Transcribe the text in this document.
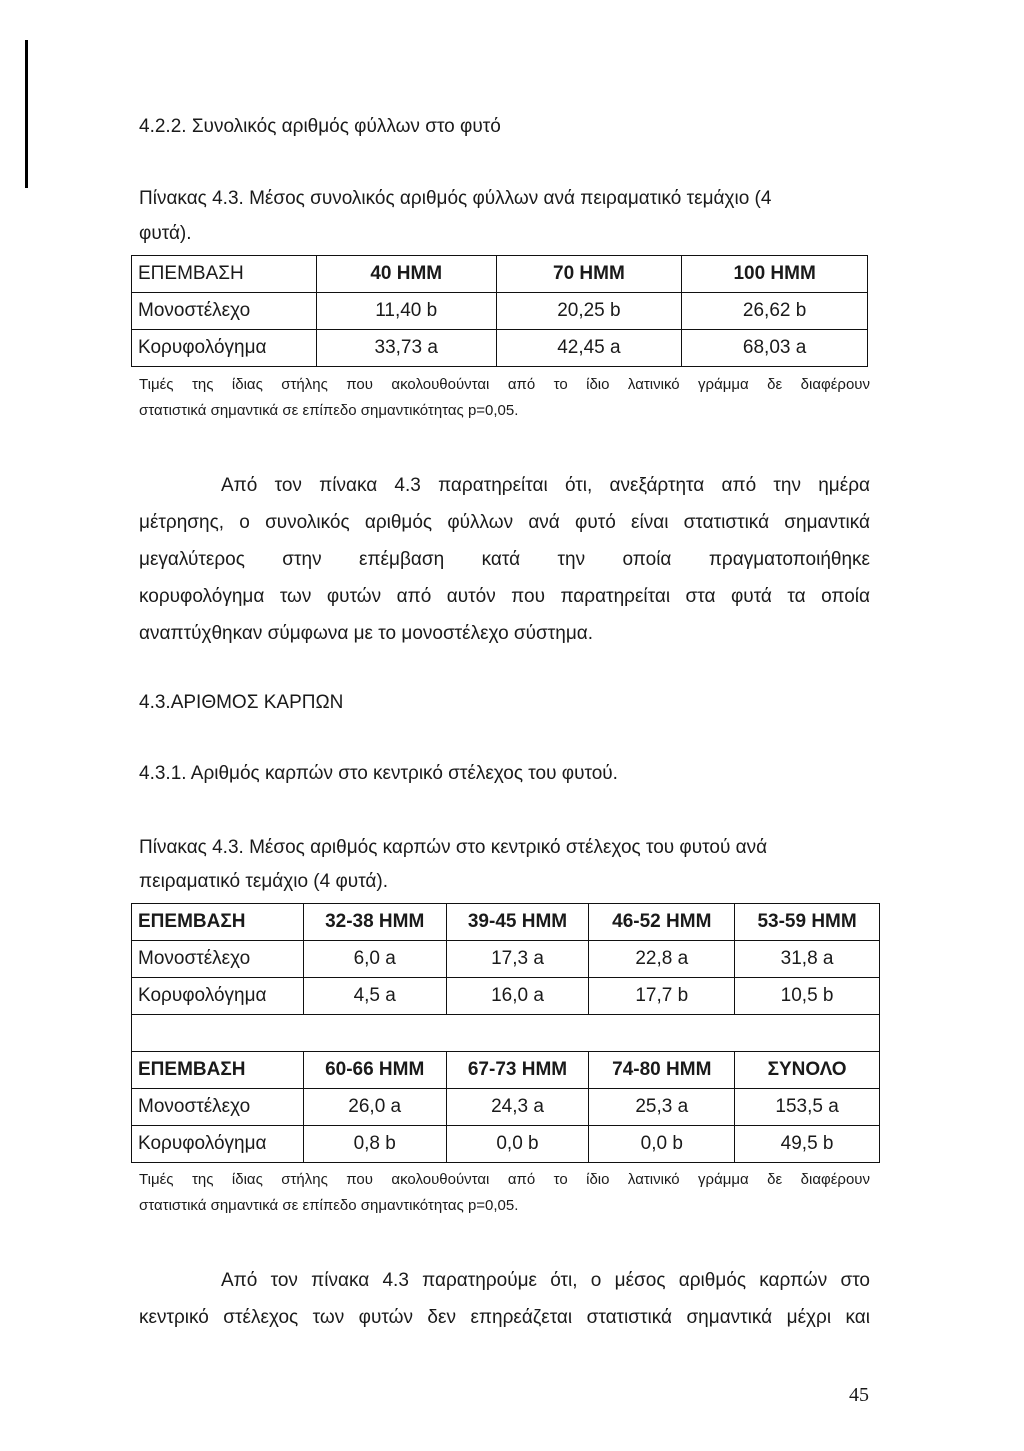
4.2.2. Συνολικός αριθμός φύλλων στο φυτό
Πίνακας 4.3. Μέσος συνολικός αριθμός φύλλων ανά πειραματικό τεμάχιο (4
φυτά).
ΕΠΕΜΒΑΣΗ	40 ΗΜΜ	70 ΗΜΜ	100 ΗΜΜ
Μονοστέλεχο	11,40 b	20,25 b	26,62 b
Κορυφολόγημα	33,73 a	42,45 a	68,03 a

Τιμές της ίδιας στήλης που ακολουθούνται από το ίδιο λατινικό γράμμα δε διαφέρουν

στατιστικά σημαντικά σε επίπεδο σημαντικότητας p=0,05.

Από τον πίνακα 4.3 παρατηρείται ότι, ανεξάρτητα από την ημέρα

μέτρησης, ο συνολικός αριθμός φύλλων ανά φυτό είναι στατιστικά σημαντικά

μεγαλύτερος στην επέμβαση κατά την οποία πραγματοποιήθηκε

κορυφολόγημα των φυτών από αυτόν που παρατηρείται στα φυτά τα οποία

αναπτύχθηκαν σύμφωνα με το μονοστέλεχο σύστημα.

4.3.ΑΡΙΘΜΟΣ ΚΑΡΠΩΝ
4.3.1. Αριθμός καρπών στο κεντρικό στέλεχος του φυτού.
Πίνακας 4.3. Μέσος αριθμός καρπών στο κεντρικό στέλεχος του φυτού ανά
πειραματικό τεμάχιο (4 φυτά).
ΕΠΕΜΒΑΣΗ	32-38 ΗΜΜ	39-45 ΗΜΜ	46-52 ΗΜΜ	53-59 ΗΜΜ
Μονοστέλεχο	6,0 a	17,3 a	22,8 a	31,8 a
Κορυφολόγημα	4,5 a	16,0 a	17,7 b	10,5 b

ΕΠΕΜΒΑΣΗ	60-66 ΗΜΜ	67-73 ΗΜΜ	74-80 ΗΜΜ	ΣΥΝΟΛΟ
Μονοστέλεχο	26,0 a	24,3 a	25,3 a	153,5 a
Κορυφολόγημα	0,8 b	0,0 b	0,0 b	49,5 b

Τιμές της ίδιας στήλης που ακολουθούνται από το ίδιο λατινικό γράμμα δε διαφέρουν

στατιστικά σημαντικά σε επίπεδο σημαντικότητας p=0,05.

Από τον πίνακα 4.3 παρατηρούμε ότι, ο μέσος αριθμός καρπών στο

κεντρικό στέλεχος των φυτών δεν επηρεάζεται στατιστικά σημαντικά μέχρι και

45
